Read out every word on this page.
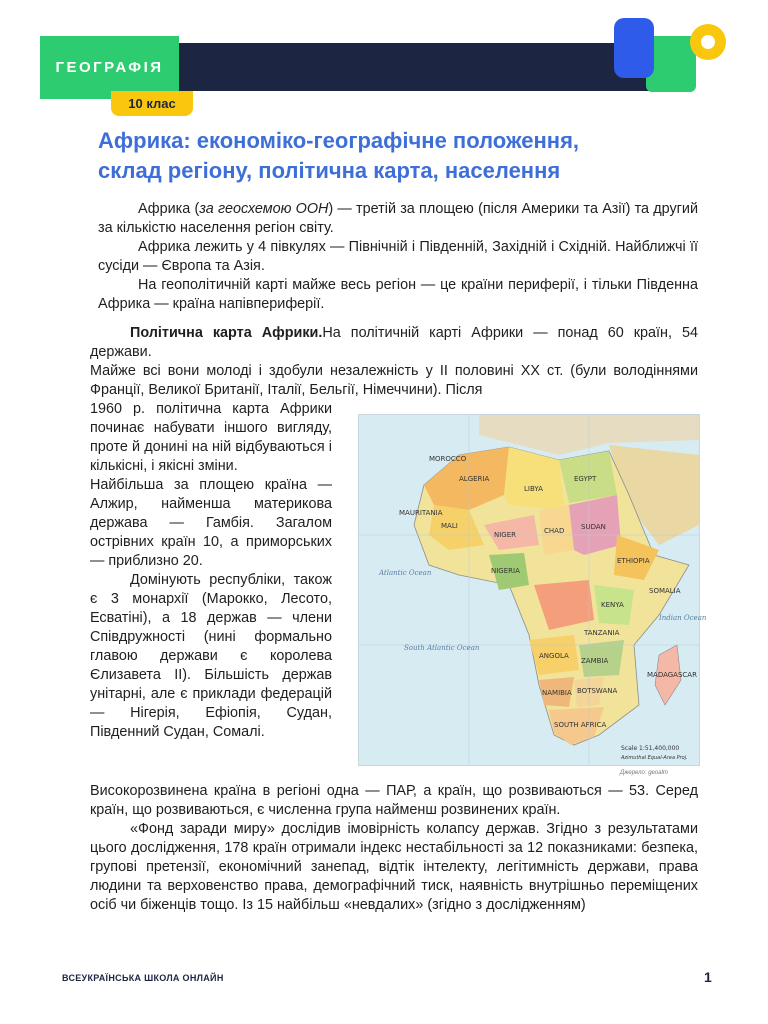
ГЕОГРАФІЯ
10 клас
Африка: економіко-географічне положення,
склад регіону, політична карта, населення

Африка (за геосхемою ООН) — третій за площею (після Америки та Азії) та другий за кількістю населення регіон світу.

Африка лежить у 4 півкулях — Північній і Південній, Західній і Східній. Найближчі її сусіди — Європа та Азія.

На геополітичній карті майже весь регіон — це країни периферії, і тільки Південна Африка — країна напівпериферії.

Політична карта Африки.На політичній карті Африки — понад 60 країн, 54 держави.

Майже всі вони молоді і здобули незалежність у ІІ половині ХХ ст. (були володіннями Франції, Великої Британії, Італії, Бельгії, Німеччини). Після

1960 р. політична карта Африки починає набувати іншого вигляду, проте й донині на ній відбуваються і кількісні, і якісні зміни.

Найбільша за площею країна — Алжир, найменша материкова держава — Гамбія. Загалом острівних країн 10, а приморських — приблизно 20.

Домінують республіки, також є 3 монархії (Марокко, Лесото, Есватіні), а 18 держав — члени Співдружності (нині формально главою держави є королева Єлизавета ІІ). Більшість держав унітарні, але є приклади федерацій — Нігерія, Ефіопія, Судан, Південний Судан, Сомалі.

ALGERIA
LIBYA
EGYPT
MALI
NIGER	CHAD SUDAN
NIGERIA
ETHIOPIA
KENYA
ANGOLA
NAMIBIA
SOUTH AFRICA
MADAGASCAR
MOROCCO
MAURITANIA
SOMALIA
TANZANIA
ZAMBIA
BOTSWANA
Atlantic Ocean
South Atlantic Ocean
Indian Ocean
Scale 1:51,400,000
Azimuthal Equal-Area Proj.
Джерело: geoalm

Високорозвинена країна в регіоні одна — ПАР, а країн, що розвиваються — 53. Серед країн, що розвиваються, є численна група найменш розвинених країн.

«Фонд заради миру» дослідив імовірність колапсу держав. Згідно з результатами цього дослідження, 178 країн отримали індекс нестабільності за 12 показниками: безпека, групові претензії, економічний занепад, відтік інтелекту, легітимність держави, права людини та верховенство права, демографічний тиск, наявність внутрішньо переміщених осіб чи біженців тощо. Із 15 найбільш «невдалих» (згідно з дослідженням)

ВСЕУКРАЇНСЬКА ШКОЛА ОНЛАЙН	1
